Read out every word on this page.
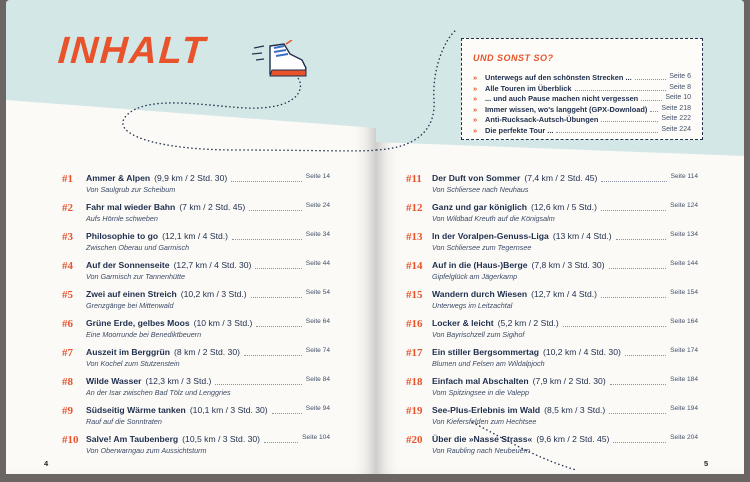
INHALT
#1 Ammer & Alpen (9,9 km / 2 Std. 30)	Seite 14
Von Saulgrub zur Scheibum
#2 Fahr mal wieder Bahn (7 km / 2 Std. 45)	Seite 24
Aufs Hörnle schweben
#3 Philosophie to go (12,1 km / 4 Std.)	Seite 34
Zwischen Oberau und Garmisch
#4 Auf der Sonnenseite (12,7 km / 4 Std. 30)	Seite 44
Von Garmisch zur Tannenhütte
#5 Zwei auf einen Streich (10,2 km / 3 Std.)	Seite 54
Grenzgänge bei Mittenwald
#6 Grüne Erde, gelbes Moos (10 km / 3 Std.)	Seite 64
Eine Moorrunde bei Benediktbeuern
#7 Auszeit im Berggrün (8 km / 2 Std. 30)	Seite 74
Von Kochel zum Stutzenstein
#8 Wilde Wasser (12,3 km / 3 Std.)	Seite 84
An der Isar zwischen Bad Tölz und Lenggries
#9 Südseitig Wärme tanken (10,1 km / 3 Std. 30)	Seite 94
Rauf auf die Sonntraten
#10 Salve! Am Taubenberg (10,5 km / 3 Std. 30)	Seite 104
Von Oberwarngau zum Aussichtsturm
4
UND SONST SO?
» Unterwegs auf den schönsten Strecken ...	Seite 6
» Alle Touren im Überblick	Seite 8
» ... und auch Pause machen nicht vergessen	Seite 10
» Immer wissen, wo's langgeht (GPX-Download) Seite 218
» Anti-Rucksack-Autsch-Übungen	Seite 222
» Die perfekte Tour ...	Seite 224
#11 Der Duft von Sommer (7,4 km / 2 Std. 45)	Seite 114
Von Schliersee nach Neuhaus
#12 Ganz und gar königlich (12,6 km / 5 Std.)	Seite 124
Von Wildbad Kreuth auf die Königsalm
#13 In der Voralpen-Genuss-Liga (13 km / 4 Std.)	Seite 134
Von Schliersee zum Tegernsee
#14 Auf in die (Haus-)Berge (7,8 km / 3 Std. 30)	Seite 144
Gipfelglück am Jägerkamp
#15 Wandern durch Wiesen (12,7 km / 4 Std.)	Seite 154
Unterwegs im Leitzachtal
#16 Locker & leicht (5,2 km / 2 Std.)	Seite 164
Von Bayrischzell zum Sigihof
#17 Ein stiller Bergsommertag (10,2 km / 4 Std. 30)	Seite 174
Blumen und Felsen am Wildalpjoch
#18 Einfach mal Abschalten (7,9 km / 2 Std. 30)	Seite 184
Vom Spitzingsee in die Valepp
#19 See-Plus-Erlebnis im Wald (8,5 km / 3 Std.)	Seite 194
Von Kiefersfelden zum Hechtsee
#20 Über die »Nasse Strass« (9,6 km / 2 Std. 45)	Seite 204
Von Raubling nach Neubeuern
5
